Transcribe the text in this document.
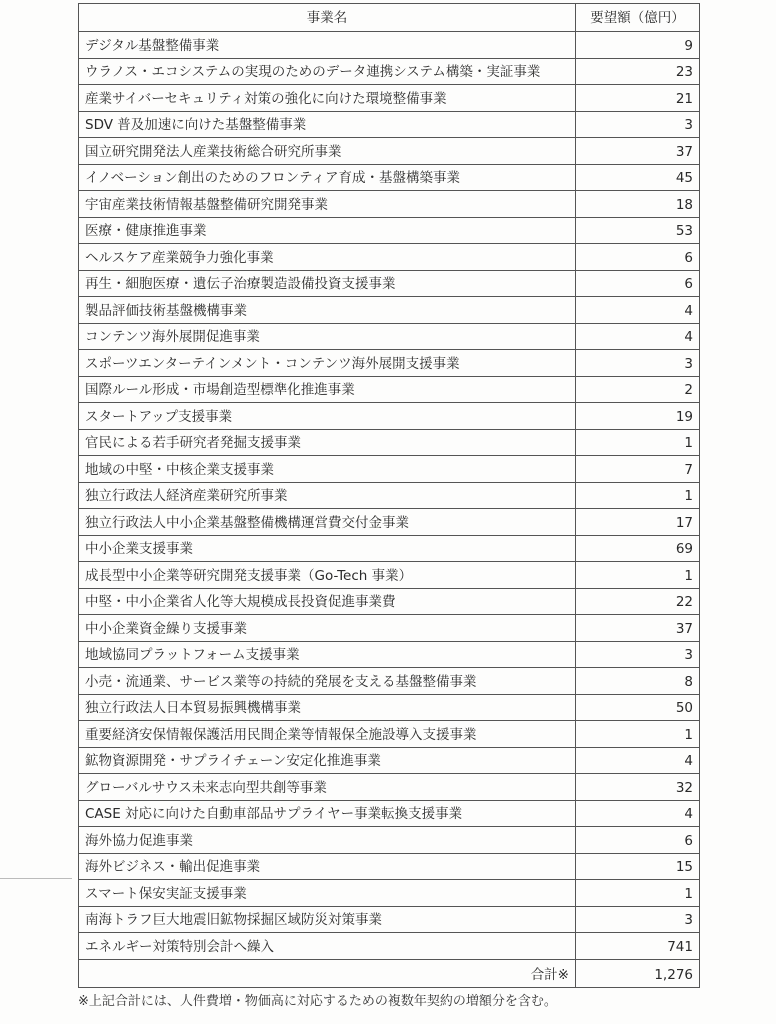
事業名	要望額（億円）
デジタル基盤整備事業	9
ウラノス・エコシステムの実現のためのデータ連携システム構築・実証事業	23
産業サイバーセキュリティ対策の強化に向けた環境整備事業	21
SDV 普及加速に向けた基盤整備事業	3
国立研究開発法人産業技術総合研究所事業	37
イノベーション創出のためのフロンティア育成・基盤構築事業	45
宇宙産業技術情報基盤整備研究開発事業	18
医療・健康推進事業	53
ヘルスケア産業競争力強化事業	6
再生・細胞医療・遺伝子治療製造設備投資支援事業	6
製品評価技術基盤機構事業	4
コンテンツ海外展開促進事業	4
スポーツエンターテインメント・コンテンツ海外展開支援事業	3
国際ルール形成・市場創造型標準化推進事業	2
スタートアップ支援事業	19
官民による若手研究者発掘支援事業	1
地域の中堅・中核企業支援事業	7
独立行政法人経済産業研究所事業	1
独立行政法人中小企業基盤整備機構運営費交付金事業	17
中小企業支援事業	69
成長型中小企業等研究開発支援事業（Go-Tech 事業）	1
中堅・中小企業省人化等大規模成長投資促進事業費	22
中小企業資金繰り支援事業	37
地域協同プラットフォーム支援事業	3
小売・流通業、サービス業等の持続的発展を支える基盤整備事業	8
独立行政法人日本貿易振興機構事業	50
重要経済安保情報保護活用民間企業等情報保全施設導入支援事業	1
鉱物資源開発・サプライチェーン安定化推進事業	4
グローバルサウス未来志向型共創等事業	32
CASE 対応に向けた自動車部品サプライヤー事業転換支援事業	4
海外協力促進事業	6
海外ビジネス・輸出促進事業	15
スマート保安実証支援事業	1
南海トラフ巨大地震旧鉱物採掘区域防災対策事業	3
エネルギー対策特別会計へ繰入	741
合計※	1,276
※上記合計には、人件費増・物価高に対応するための複数年契約の増額分を含む。
